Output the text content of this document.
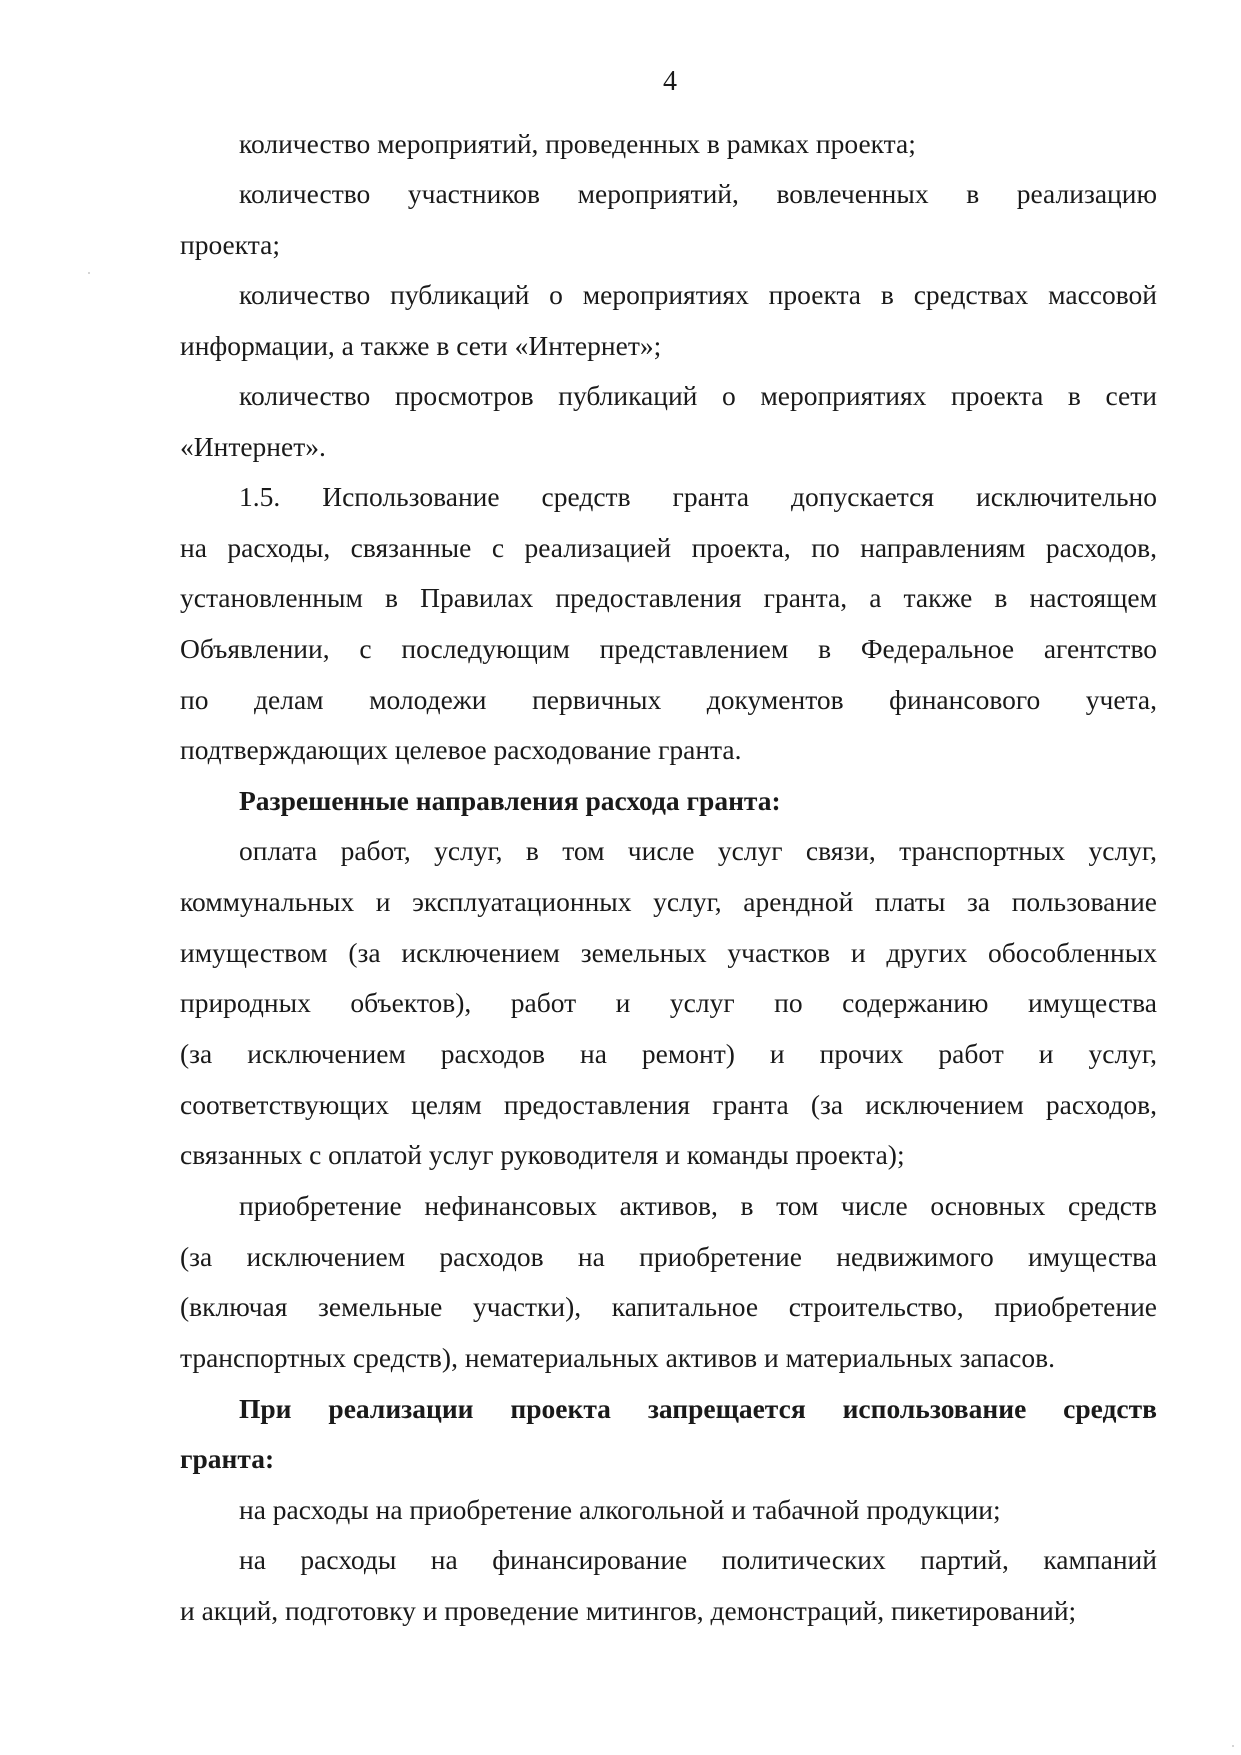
4
количество мероприятий, проведенных в рамках проекта;
количество участников мероприятий, вовлеченных в реализацию
проекта;
количество публикаций о мероприятиях проекта в средствах массовой
информации, а также в сети «Интернет»;
количество просмотров публикаций о мероприятиях проекта в сети
«Интернет».
1.5. Использование средств гранта допускается исключительно
на расходы, связанные с реализацией проекта, по направлениям расходов,
установленным в Правилах предоставления гранта, а также в настоящем
Объявлении, с последующим представлением в Федеральное агентство
по делам молодежи первичных документов финансового учета,
подтверждающих целевое расходование гранта.
Разрешенные направления расхода гранта:
оплата работ, услуг, в том числе услуг связи, транспортных услуг,
коммунальных и эксплуатационных услуг, арендной платы за пользование
имуществом (за исключением земельных участков и других обособленных
природных объектов), работ и услуг по содержанию имущества
(за исключением расходов на ремонт) и прочих работ и услуг,
соответствующих целям предоставления гранта (за исключением расходов,
связанных с оплатой услуг руководителя и команды проекта);
приобретение нефинансовых активов, в том числе основных средств
(за исключением расходов на приобретение недвижимого имущества
(включая земельные участки), капитальное строительство, приобретение
транспортных средств), нематериальных активов и материальных запасов.
При реализации проекта запрещается использование средств
гранта:
на расходы на приобретение алкогольной и табачной продукции;
на расходы на финансирование политических партий, кампаний
и акций, подготовку и проведение митингов, демонстраций, пикетирований;
